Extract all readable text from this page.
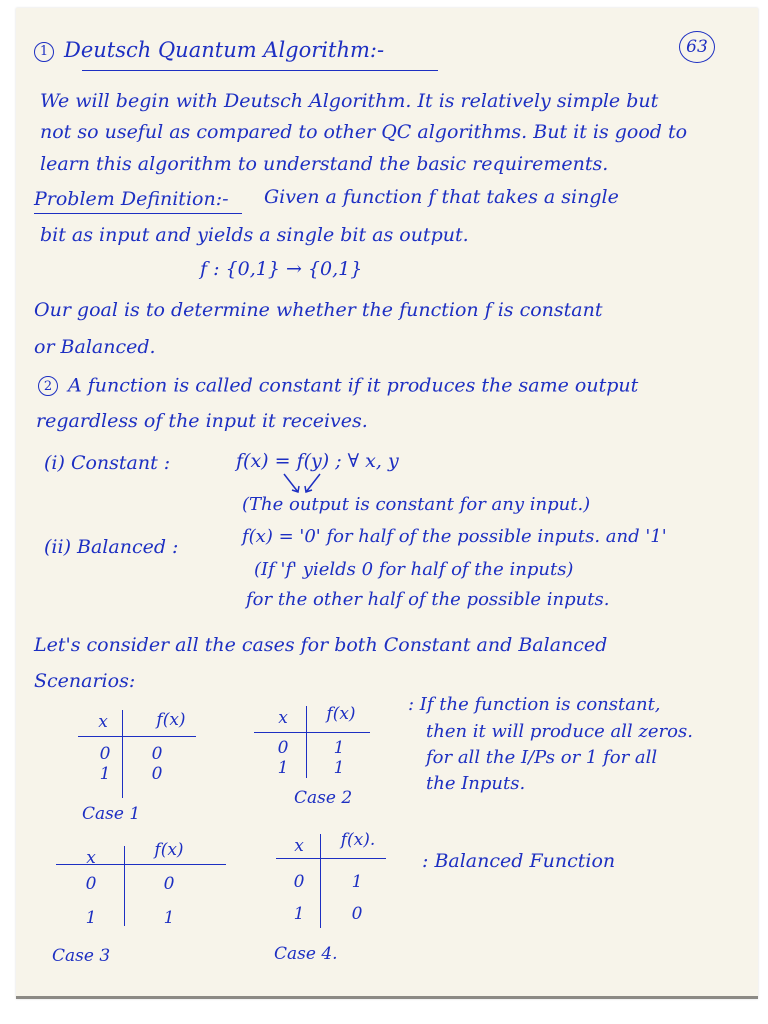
63
1 Deutsch Quantum Algorithm:-
We will begin with Deutsch Algorithm. It is relatively simple but
not so useful as compared to other QC algorithms. But it is good to
learn this algorithm to understand the basic requirements.
Problem Definition:- Given a function f that takes a single
bit as input and yields a single bit as output.
f : {0,1} → {0,1}
Our goal is to determine whether the function f is constant
or Balanced.
2 A function is called constant if it produces the same output
regardless of the input it receives.
(i) Constant :	f(x) = f(y) ; ∀ x, y
(The output is constant for any input.)
(ii) Balanced :	f(x) = '0' for half of the possible inputs. and '1'
(If 'f' yields 0 for half of the inputs)
for the other half of the possible inputs.
Let's consider all the cases for both Constant and Balanced
Scenarios:
x	f(x)
0	0
1	0
Case 1
x	f(x)
0	1
1	1
Case 2
: If the function is constant,
then it will produce all zeros.
for all the I/Ps or 1 for all
the Inputs.
x	f(x)
0	0
1	1
Case 3
x	f(x).
0	1
1	0
Case 4.
: Balanced Function
